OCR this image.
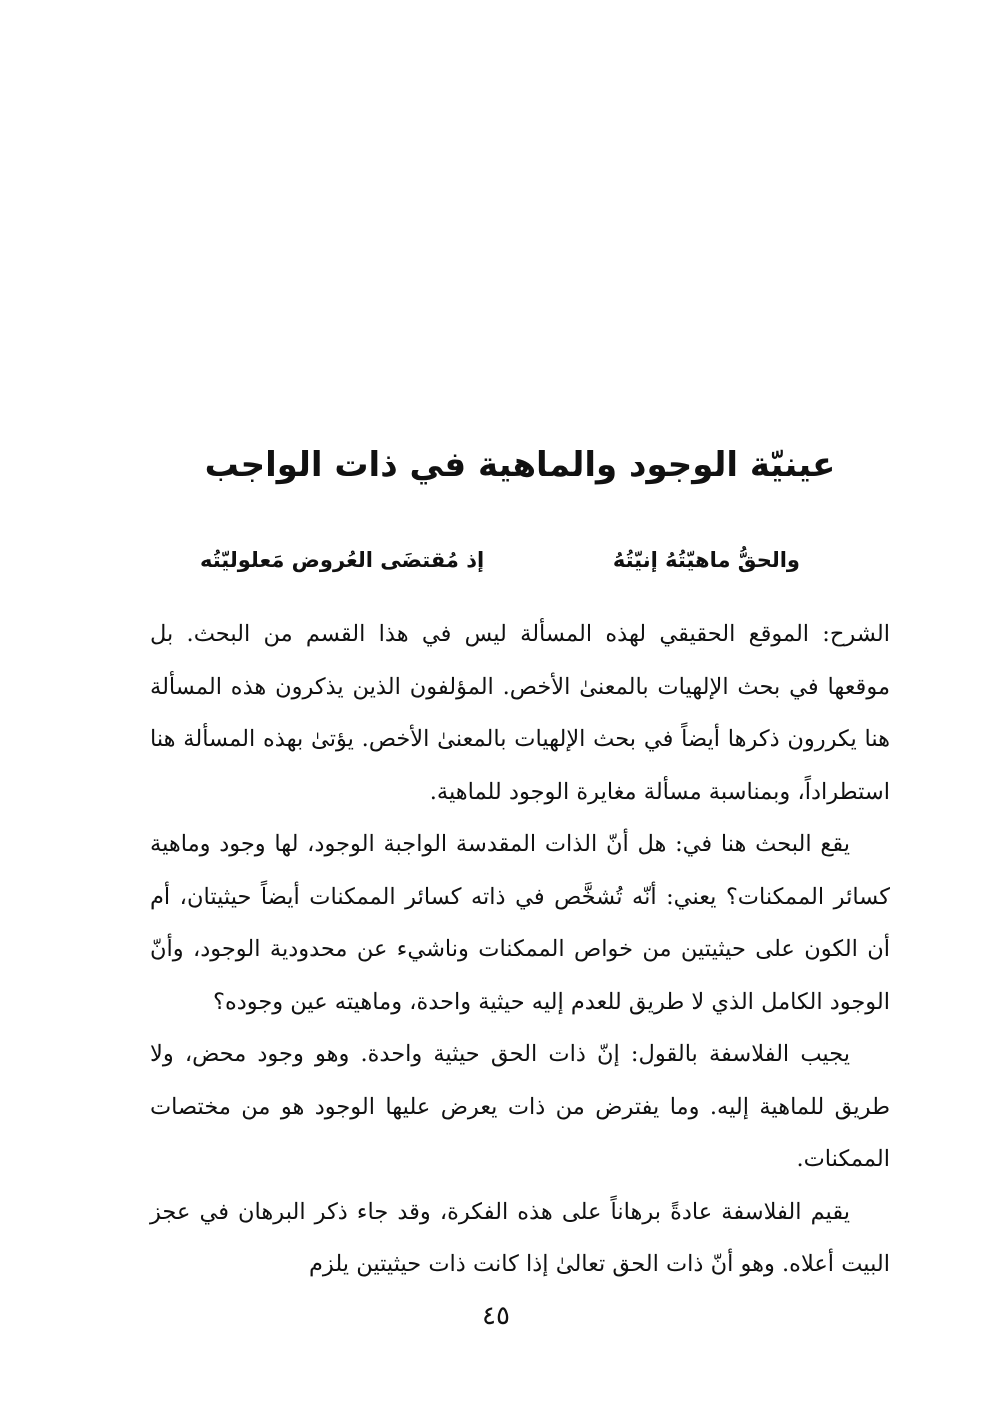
عينيّة الوجود والماهية في ذات الواجب
والحقُّ ماهيّتُهُ إنيّتُهُ
إذ مُقتضَى العُروض مَعلوليّتُه

الشرح: الموقع الحقيقي لهذه المسألة ليس في هذا القسم من البحث. بل موقعها في بحث الإلهيات بالمعنىٰ الأخص. المؤلفون الذين يذكرون هذه المسألة هنا يكررون ذكرها أيضاً في بحث الإلهيات بالمعنىٰ الأخص. يؤتىٰ بهذه المسألة هنا استطراداً، وبمناسبة مسألة مغايرة الوجود للماهية.

يقع البحث هنا في: هل أنّ الذات المقدسة الواجبة الوجود، لها وجود وماهية كسائر الممكنات؟ يعني: أنّه تُشخَّص في ذاته كسائر الممكنات أيضاً حيثيتان، أم أن الكون على حيثيتين من خواص الممكنات وناشيء عن محدودية الوجود، وأنّ الوجود الكامل الذي لا طريق للعدم إليه حيثية واحدة، وماهيته عين وجوده؟

يجيب الفلاسفة بالقول: إنّ ذات الحق حيثية واحدة. وهو وجود محض، ولا طريق للماهية إليه. وما يفترض من ذات يعرض عليها الوجود هو من مختصات الممكنات.

يقيم الفلاسفة عادةً برهاناً على هذه الفكرة، وقد جاء ذكر البرهان في عجز البيت أعلاه. وهو أنّ ذات الحق تعالىٰ إذا كانت ذات حيثيتين يلزم

٤٥
